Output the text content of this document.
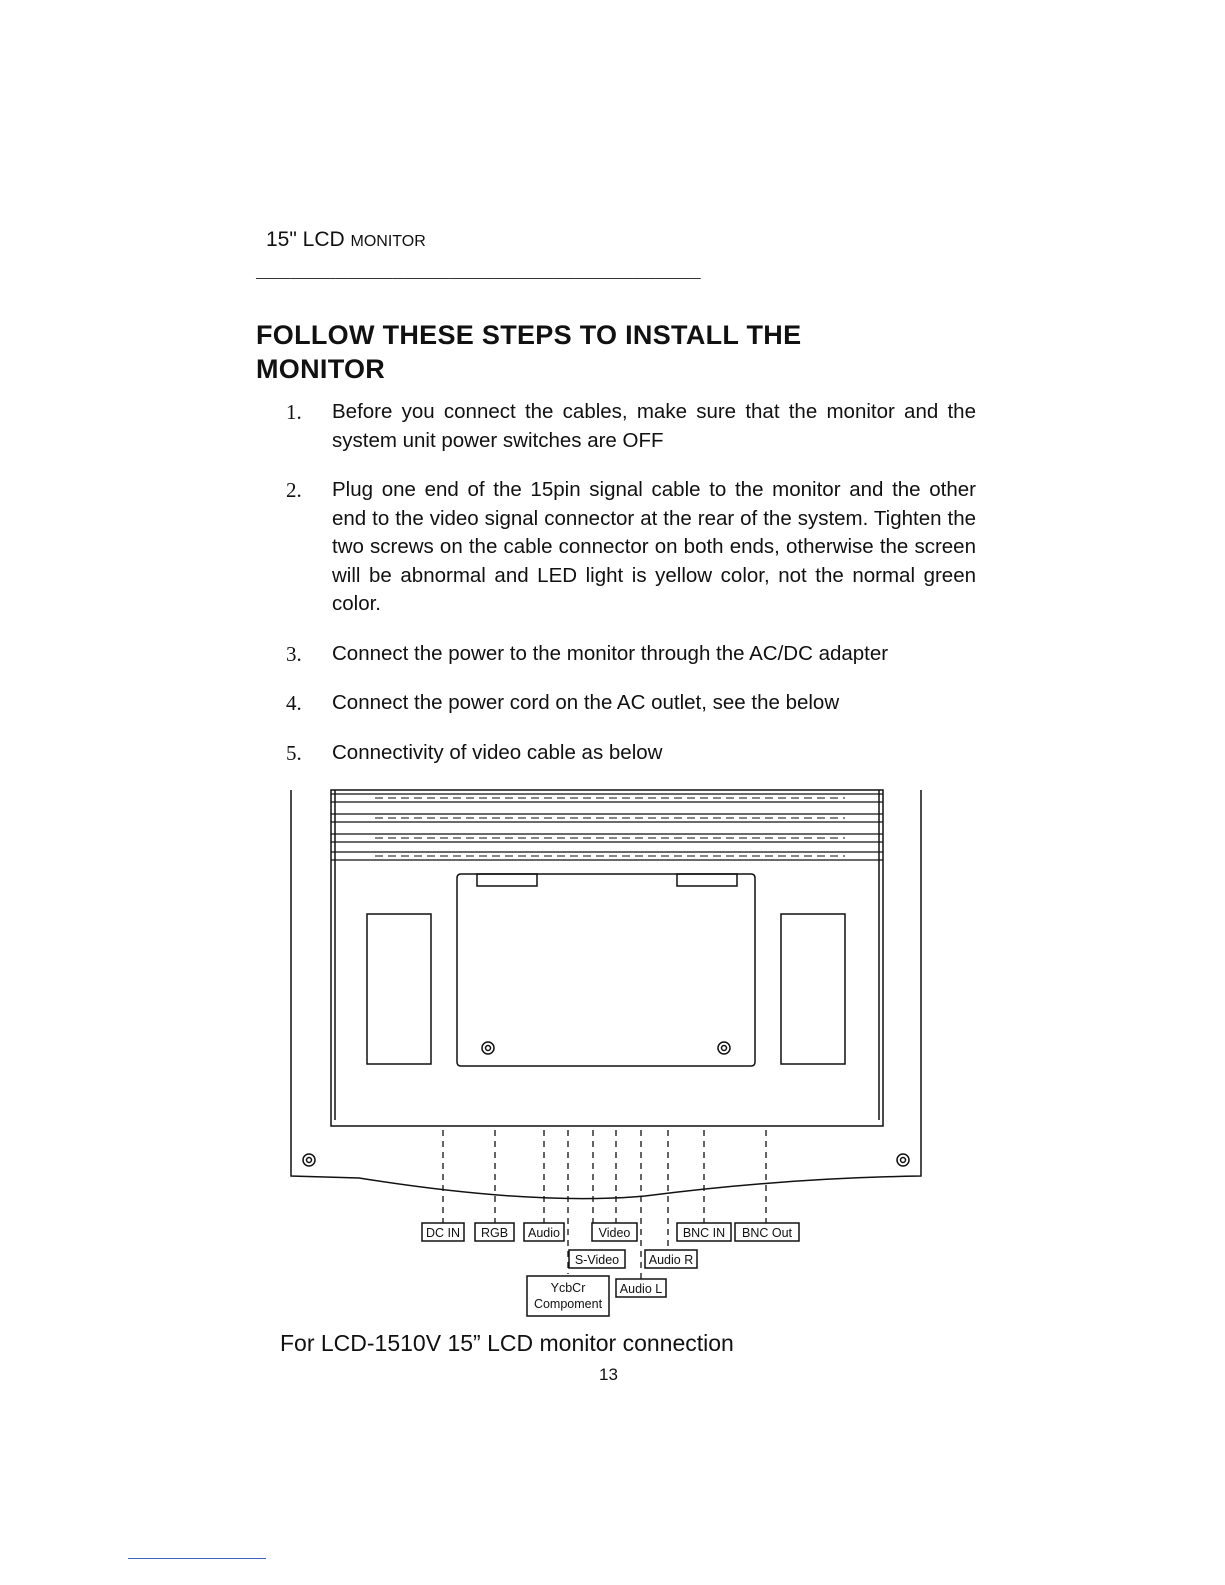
15" LCD MONITOR
_______________________________________
FOLLOW THESE STEPS TO INSTALL THE MONITOR
1. Before you connect the cables, make sure that the monitor and the system unit power switches are OFF
2. Plug one end of the 15pin signal cable to the monitor and the other end to the video signal connector at the rear of the system. Tighten the two screws on the cable connector on both ends, otherwise the screen will be abnormal and LED light is yellow color, not the normal green color.
3. Connect the power to the monitor through the AC/DC adapter
4. Connect the power cord on the AC outlet, see the below
5. Connectivity of video cable as below
DC IN RGB Audio	Video	BNC IN BNC Out
S-Video Audio R
YcbCr
Compoment
Audio L
For LCD-1510V 15” LCD monitor connection
13
